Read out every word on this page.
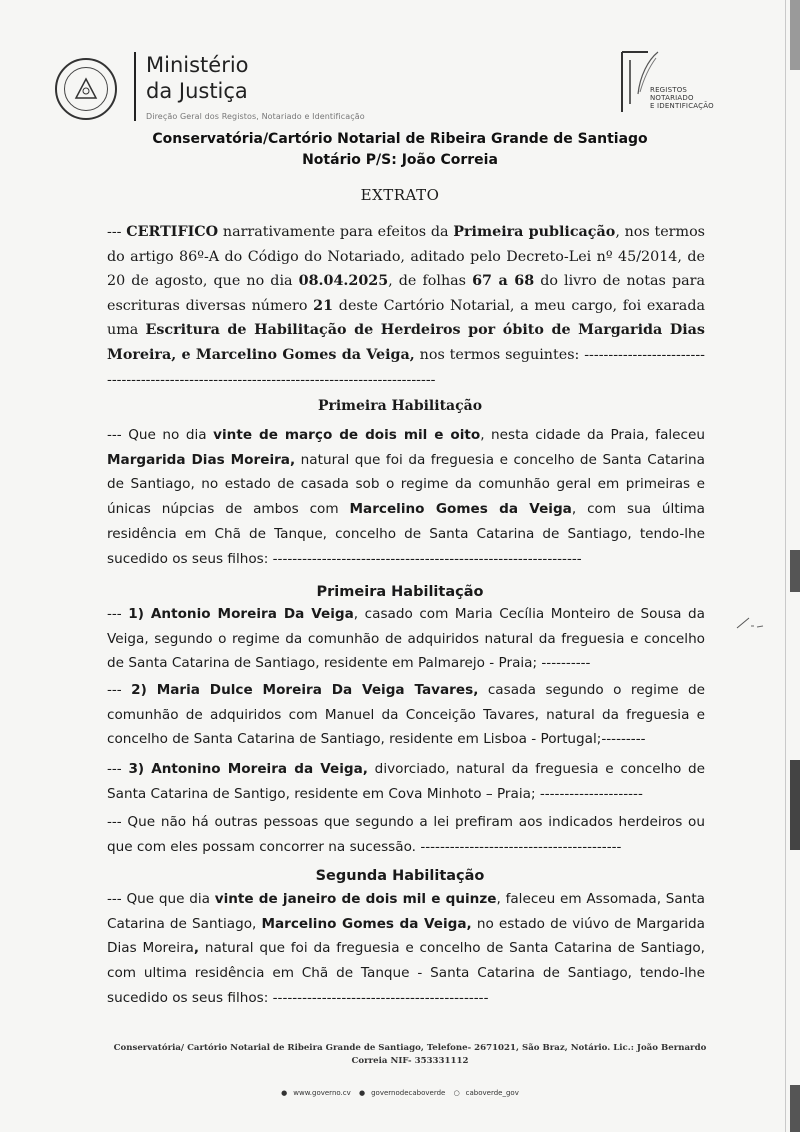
Ministério
da Justiça
Direção Geral dos Registos, Notariado e Identificação
REGISTOS
NOTARIADO
E IDENTIFICAÇÃO
Conservatória/Cartório Notarial de Ribeira Grande de Santiago
Notário P/S: João Correia
EXTRATO

--- CERTIFICO narrativamente para efeitos da Primeira publicação, nos termos do artigo 86º-A do Código do Notariado, aditado pelo Decreto-Lei nº 45/2014, de 20 de agosto, que no dia 08.04.2025, de folhas 67 a 68 do livro de notas para escrituras diversas número 21 deste Cartório Notarial, a meu cargo, foi exarada uma Escritura de Habilitação de Herdeiros por óbito de Margarida Dias Moreira, e Marcelino Gomes da Veiga, nos termos seguintes: ---------------------------------------------------------------------------------------------

Primeira Habilitação

--- Que no dia vinte de março de dois mil e oito, nesta cidade da Praia, faleceu Margarida Dias Moreira, natural que foi da freguesia e concelho de Santa Catarina de Santiago, no estado de casada sob o regime da comunhão geral em primeiras e únicas núpcias de ambos com Marcelino Gomes da Veiga, com sua última residência em Chã de Tanque, concelho de Santa Catarina de Santiago, tendo-lhe sucedido os seus filhos: ---------------------------------------------------------------

Primeira Habilitação

--- 1) Antonio Moreira Da Veiga, casado com Maria Cecília Monteiro de Sousa da Veiga, segundo o regime da comunhão de adquiridos natural da freguesia e concelho de Santa Catarina de Santiago, residente em Palmarejo - Praia; ----------

--- 2) Maria Dulce Moreira Da Veiga Tavares, casada segundo o regime de comunhão de adquiridos com Manuel da Conceição Tavares, natural da freguesia e concelho de Santa Catarina de Santiago, residente em Lisboa - Portugal;---------

--- 3) Antonino Moreira da Veiga, divorciado, natural da freguesia e concelho de Santa Catarina de Santigo, residente em Cova Minhoto – Praia; ---------------------

--- Que não há outras pessoas que segundo a lei prefiram aos indicados herdeiros ou que com eles possam concorrer na sucessão. -----------------------------------------

Segunda Habilitação

--- Que que dia vinte de janeiro de dois mil e quinze, faleceu em Assomada, Santa Catarina de Santiago, Marcelino Gomes da Veiga, no estado de viúvo de Margarida Dias Moreira, natural que foi da freguesia e concelho de Santa Catarina de Santiago, com ultima residência em Chã de Tanque - Santa Catarina de Santiago, tendo-lhe sucedido os seus filhos: --------------------------------------------

Conservatória/ Cartório Notarial de Ribeira Grande de Santiago, Telefone- 2671021, São Braz, Notário. Lic.: João Bernardo Correia NIF- 353331112
● www.governo.cv ● governodecaboverde ○ caboverde_gov
